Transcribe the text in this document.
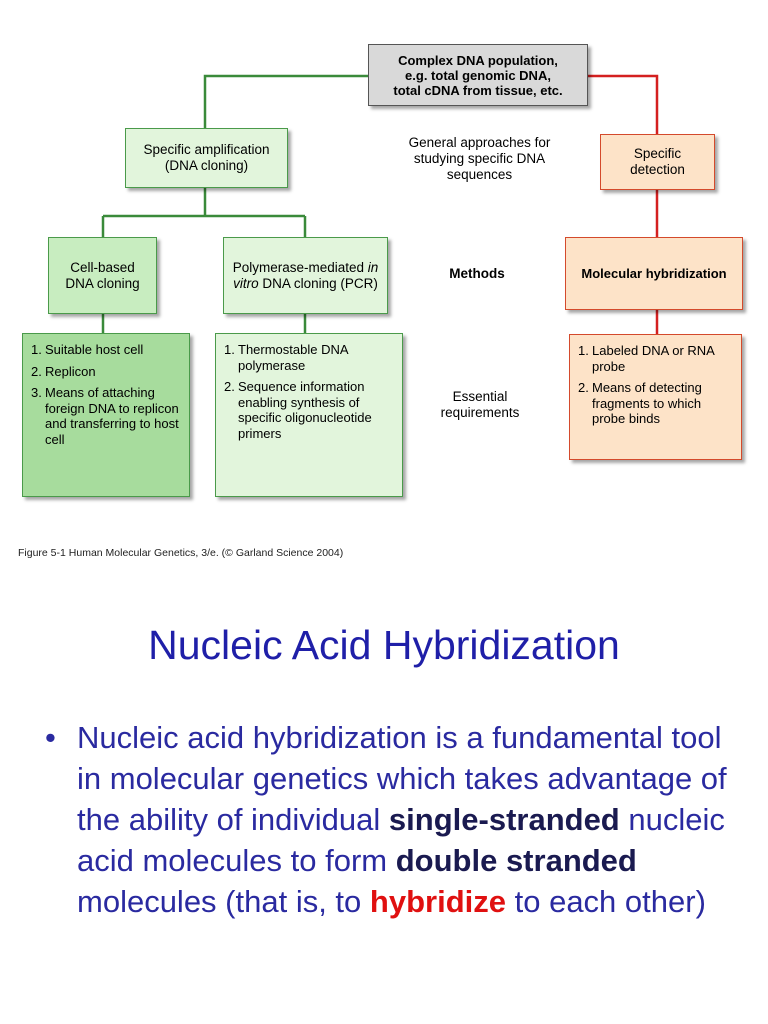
Complex DNA population, e.g. total genomic DNA, total cDNA from tissue, etc.
Specific amplification (DNA cloning)
General approaches for studying specific DNA sequences
Specific detection
Cell-based DNA cloning
Polymerase-mediated in vitro DNA cloning (PCR)
Methods	Molecular hybridization
1. Suitable host cell
2. Replicon
3. Means of attaching foreign DNA to replicon and transferring to host cell
1. Thermostable DNA polymerase
2. Sequence information enabling synthesis of specific oligonucleotide primers
Essential requirements
1. Labeled DNA or RNA probe
2. Means of detecting fragments to which probe binds
Figure 5-1 Human Molecular Genetics, 3/e. (© Garland Science 2004)
Nucleic Acid Hybridization
• Nucleic acid hybridization is a fundamental tool in molecular genetics which takes advantage of the ability of individual single-stranded nucleic acid molecules to form double stranded molecules (that is, to hybridize to each other)
